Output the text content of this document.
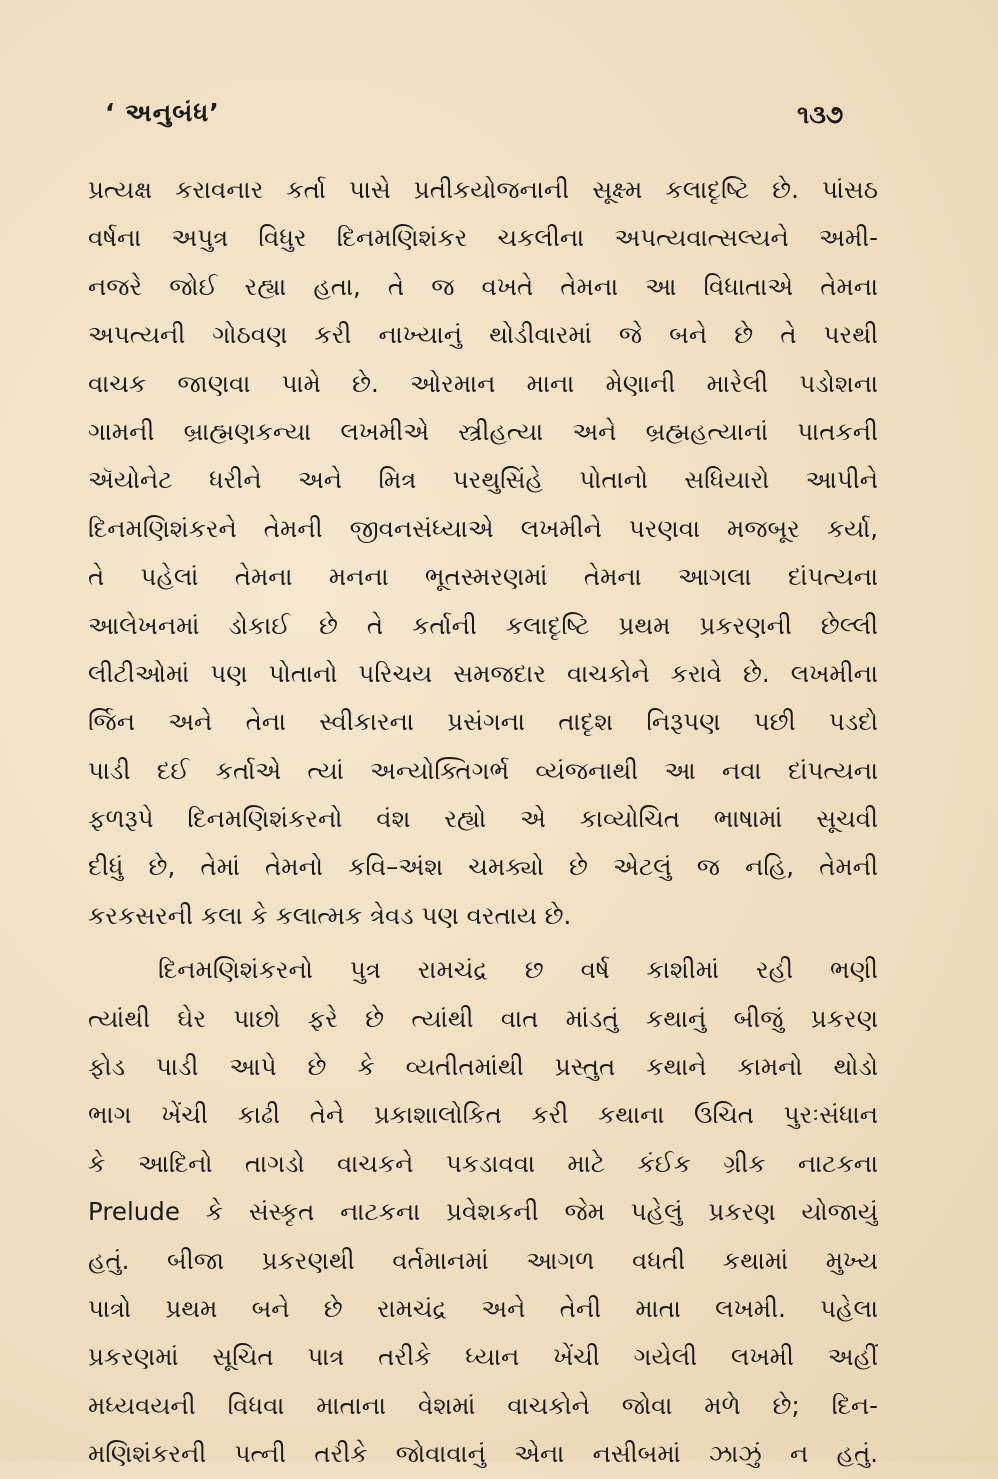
‘ અનુબંધ’	૧૩૭
પ્રત્યક્ષ કરાવનાર કર્તા પાસે પ્રતીકયોજનાની સૂક્ષ્મ કલાદૃષ્ટિ છે. પાંસઠ
વર્ષના અપુત્ર વિધુર દિનમણિશંકર ચકલીના અપત્યવાત્સલ્યને અમી-
નજરે જોઈ રહ્યા હતા, તે જ વખતે તેમના આ વિધાતાએ તેમના
અપત્યની ગોઠવણ કરી નાખ્યાનું થોડીવારમાં જે બને છે તે પરથી
વાચક જાણવા પામે છે. ઓરમાન માના મેણાની મારેલી પડોશના
ગામની બ્રાહ્મણકન્યા લખમીએ સ્ત્રીહત્યા અને બ્રહ્મહત્યાનાં પાતકની
ઍયોનેટ ધરીને અને મિત્ર પરથુસિંહે પોતાનો સધિયારો આપીને
દિનમણિશંકરને તેમની જીવનસંધ્યાએ લખમીને પરણવા મજબૂર કર્યા,
તે પહેલાં તેમના મનના ભૂતસ્મરણમાં તેમના આગલા દાંપત્યના
આલેખનમાં ડોકાઈ છે તે કર્તાની કલાદૃષ્ટિ પ્રથમ પ્રકરણની છેલ્લી
લીટીઓમાં પણ પોતાનો પરિચય સમજદાર વાચકોને કરાવે છે. લખમીના
ર્જિન અને તેના સ્વીકારના પ્રસંગના તાદૃશ નિરૂપણ પછી પડદો
પાડી દઈ કર્તાએ ત્યાં અન્યોક્તિગર્ભ વ્યંજનાથી આ નવા દાંપત્યના
ફળરૂપે દિનમણિશંકરનો વંશ રહ્યો એ કાવ્યોચિત ભાષામાં સૂચવી
દીધું છે, તેમાં તેમનો કવિ–અંશ ચમક્યો છે એટલું જ નહિ, તેમની
કરકસરની કલા કે કલાત્મક ત્રેવડ પણ વરતાય છે.
દિનમણિશંકરનો પુત્ર રામચંદ્ર છ વર્ષ કાશીમાં રહી ભણી
ત્યાંથી ઘેર પાછો ફરે છે ત્યાંથી વાત માંડતું કથાનું બીજું પ્રકરણ
ફોડ પાડી આપે છે કે વ્યતીતમાંથી પ્રસ્તુત કથાને કામનો થોડો
ભાગ ખેંચી કાઢી તેને પ્રકાશાલોકિત કરી કથાના ઉચિત પુરઃસંધાન
કે આદિનો તાગડો વાચકને પકડાવવા માટે કંઈક ગ્રીક નાટકના
Prelude કે સંસ્કૃત નાટકના પ્રવેશકની જેમ પહેલું પ્રકરણ યોજાયું
હતું. બીજા પ્રકરણથી વર્તમાનમાં આગળ વધતી કથામાં મુખ્ય
પાત્રો પ્રથમ બને છે રામચંદ્ર અને તેની માતા લખમી. પહેલા
પ્રકરણમાં સૂચિત પાત્ર તરીકે ધ્યાન ખેંચી ગયેલી લખમી અહીં
મધ્યવયની વિધવા માતાના વેશમાં વાચકોને જોવા મળે છે; દિન-
મણિશંકરની પત્ની તરીકે જોવાવાનું એના નસીબમાં ઝાઝું ન હતું.
